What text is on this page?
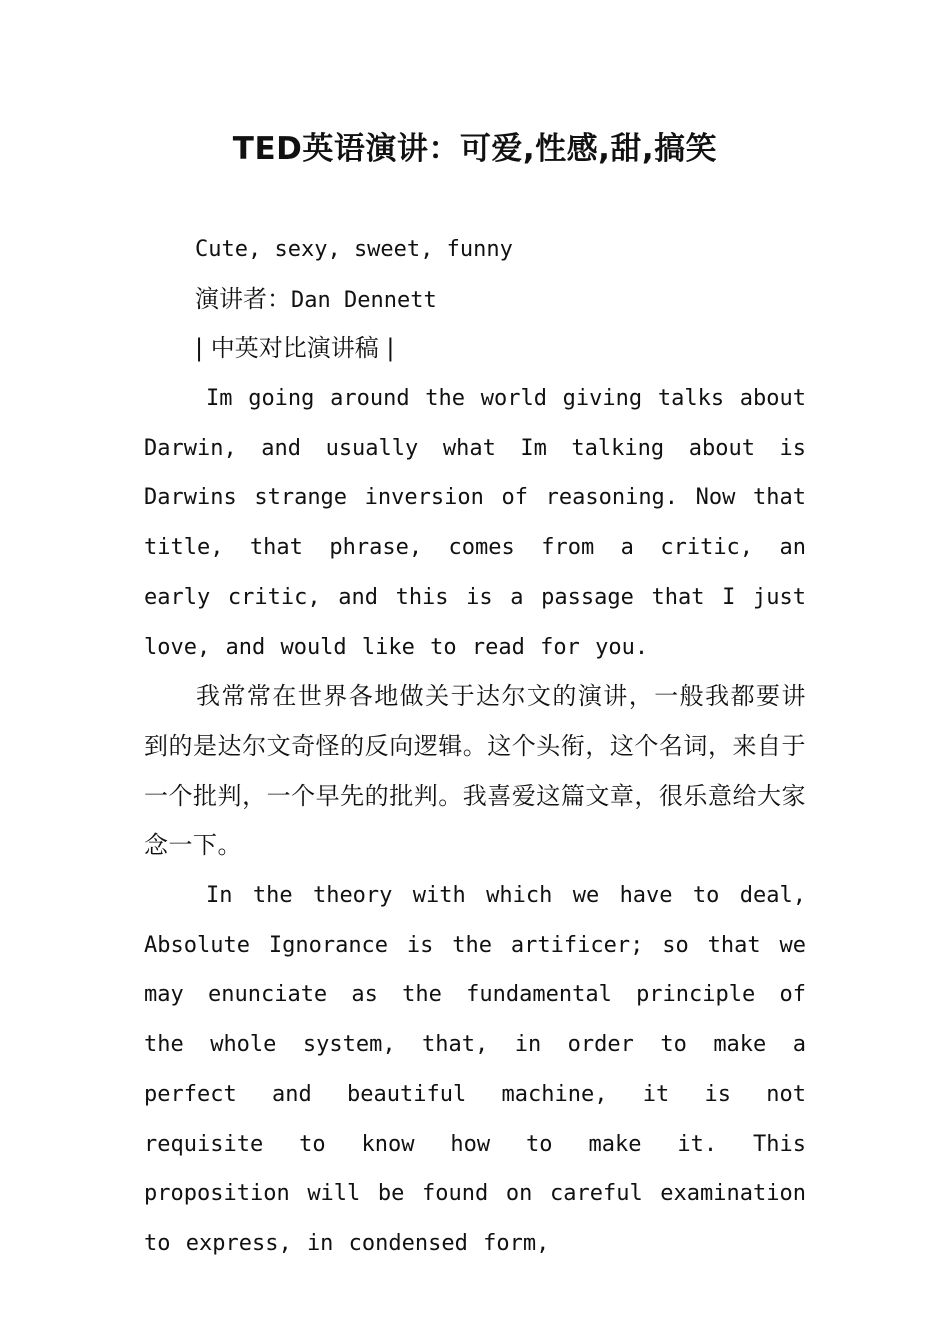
TED英语演讲：可爱,性感,甜,搞笑
Cute, sexy, sweet, funny
演讲者：Dan Dennett
| 中英对比演讲稿 |

Im going around the world giving talks about Darwin, and usually what Im talking about is Darwins strange inversion of reasoning. Now that title, that phrase, comes from a critic, an early critic, and this is a passage that I just love, and would like to read for you.

我常常在世界各地做关于达尔文的演讲，一般我都要讲到的是达尔文奇怪的反向逻辑。这个头衔，这个名词，来自于一个批判，一个早先的批判。我喜爱这篇文章，很乐意给大家念一下。

In the theory with which we have to deal, Absolute Ignorance is the artificer; so that we may enunciate as the fundamental principle of the whole system, that, in order to make a perfect and beautiful machine, it is not requisite to know how to make it. This proposition will be found on careful examination to express, in condensed form,
